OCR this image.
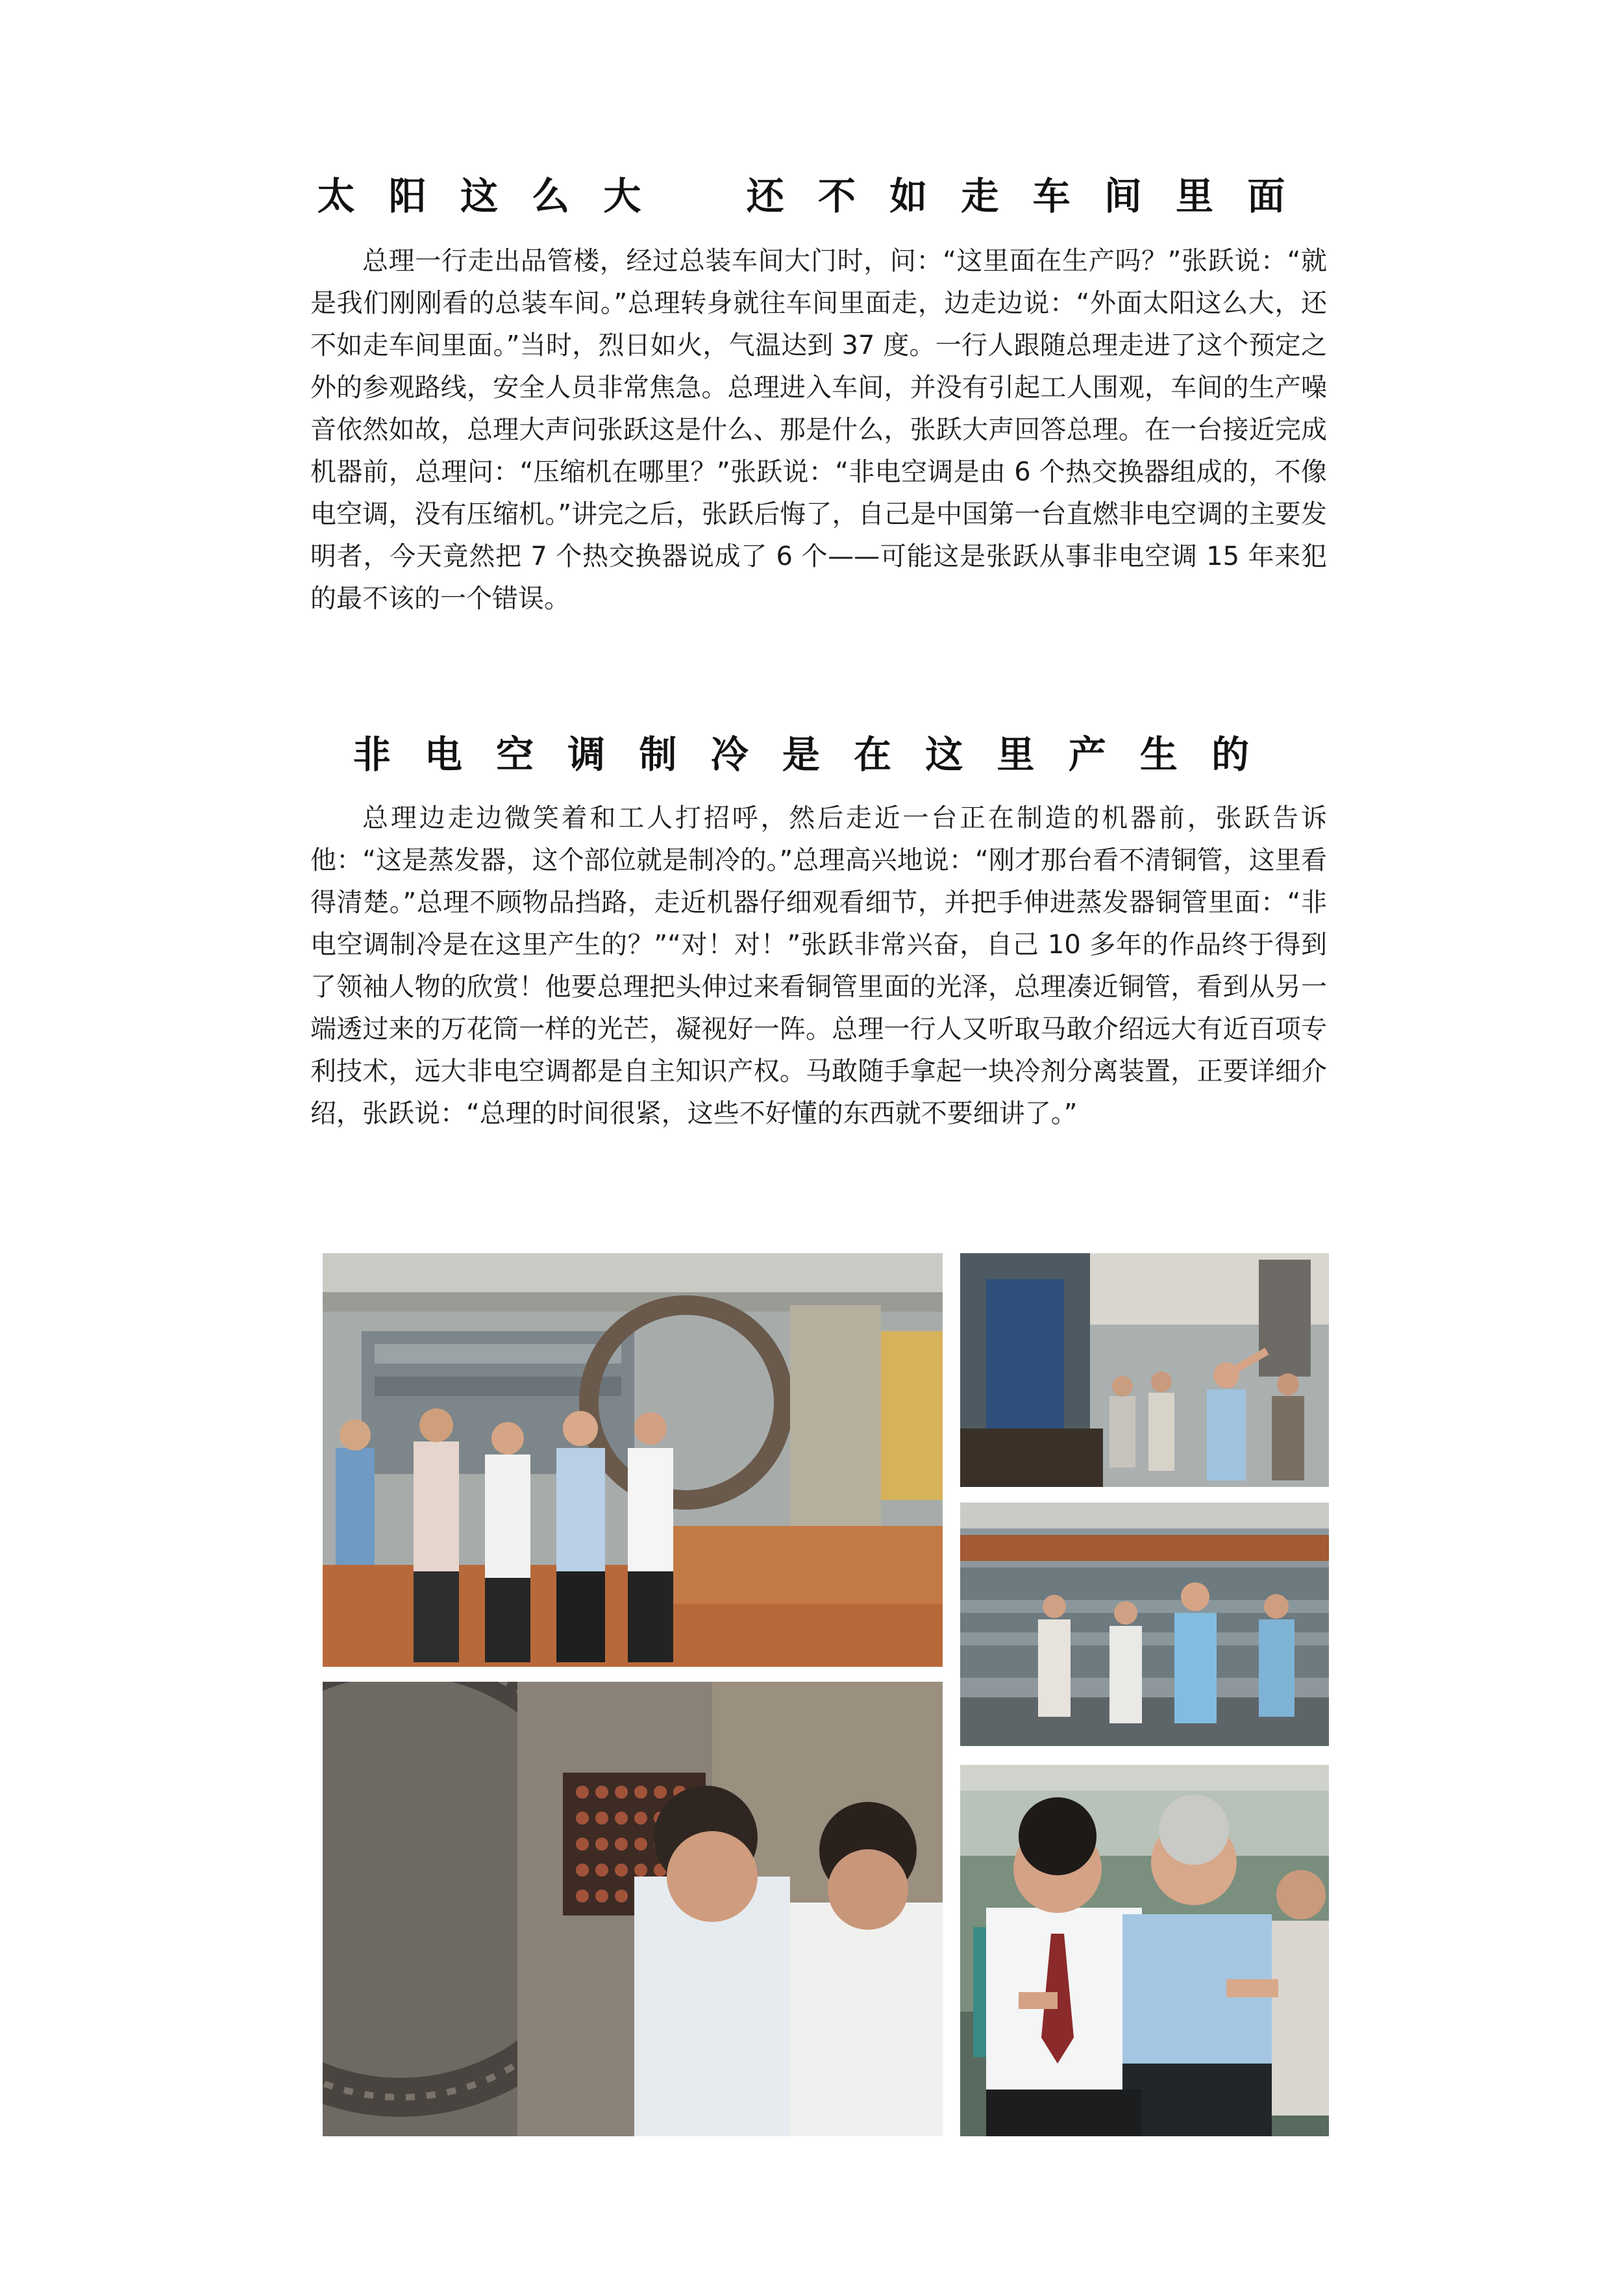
太阳这么大　还不如走车间里面

总理一行走出品管楼，经过总装车间大门时，问：“这里面在生产吗？”张跃说：“就是我们刚刚看的总装车间。”总理转身就往车间里面走，边走边说：“外面太阳这么大，还不如走车间里面。”当时，烈日如火，气温达到 37 度。一行人跟随总理走进了这个预定之外的参观路线，安全人员非常焦急。总理进入车间，并没有引起工人围观，车间的生产噪音依然如故，总理大声问张跃这是什么、那是什么，张跃大声回答总理。在一台接近完成机器前，总理问：“压缩机在哪里？”张跃说：“非电空调是由 6 个热交换器组成的，不像电空调，没有压缩机。”讲完之后，张跃后悔了，自己是中国第一台直燃非电空调的主要发明者，今天竟然把 7 个热交换器说成了 6 个——可能这是张跃从事非电空调 15 年来犯的最不该的一个错误。

非电空调制冷是在这里产生的

总理边走边微笑着和工人打招呼，然后走近一台正在制造的机器前，张跃告诉他：“这是蒸发器，这个部位就是制冷的。”总理高兴地说：“刚才那台看不清铜管，这里看得清楚。”总理不顾物品挡路，走近机器仔细观看细节，并把手伸进蒸发器铜管里面：“非电空调制冷是在这里产生的？”“对！对！”张跃非常兴奋，自己 10 多年的作品终于得到了领袖人物的欣赏！他要总理把头伸过来看铜管里面的光泽，总理凑近铜管，看到从另一端透过来的万花筒一样的光芒，凝视好一阵。总理一行人又听取马敢介绍远大有近百项专利技术，远大非电空调都是自主知识产权。马敢随手拿起一块冷剂分离装置，正要详细介绍，张跃说：“总理的时间很紧，这些不好懂的东西就不要细讲了。”
